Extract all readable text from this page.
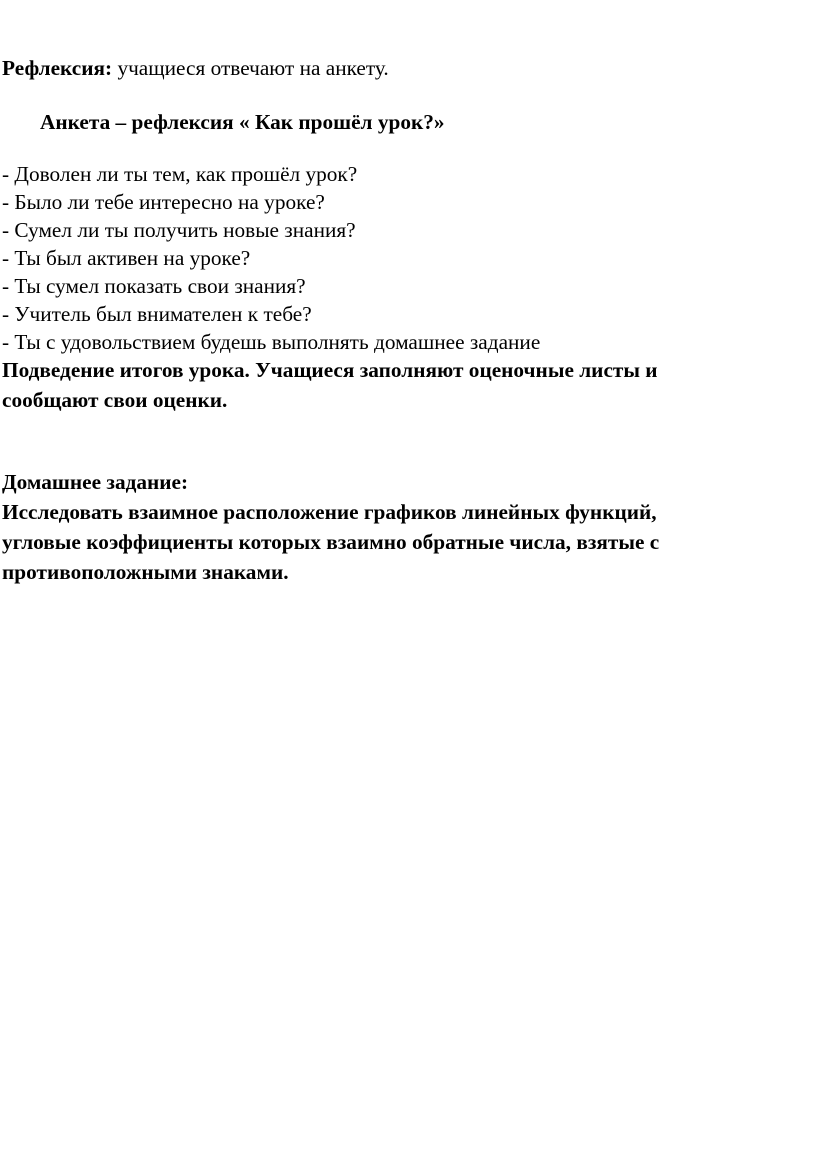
Рефлексия: учащиеся отвечают на анкету.

Анкета – рефлексия « Как прошёл урок?»

- Доволен ли ты тем, как прошёл урок?

- Было ли тебе интересно на уроке?

- Сумел ли ты получить новые знания?

- Ты был активен на уроке?

- Ты сумел показать свои знания?

- Учитель был внимателен к тебе?

- Ты с удовольствием будешь выполнять домашнее задание

Подведение итогов урока. Учащиеся заполняют оценочные листы и

сообщают свои оценки.

Домашнее задание:

Исследовать взаимное расположение графиков линейных функций,

угловые коэффициенты которых взаимно обратные числа, взятые с

противоположными знаками.
